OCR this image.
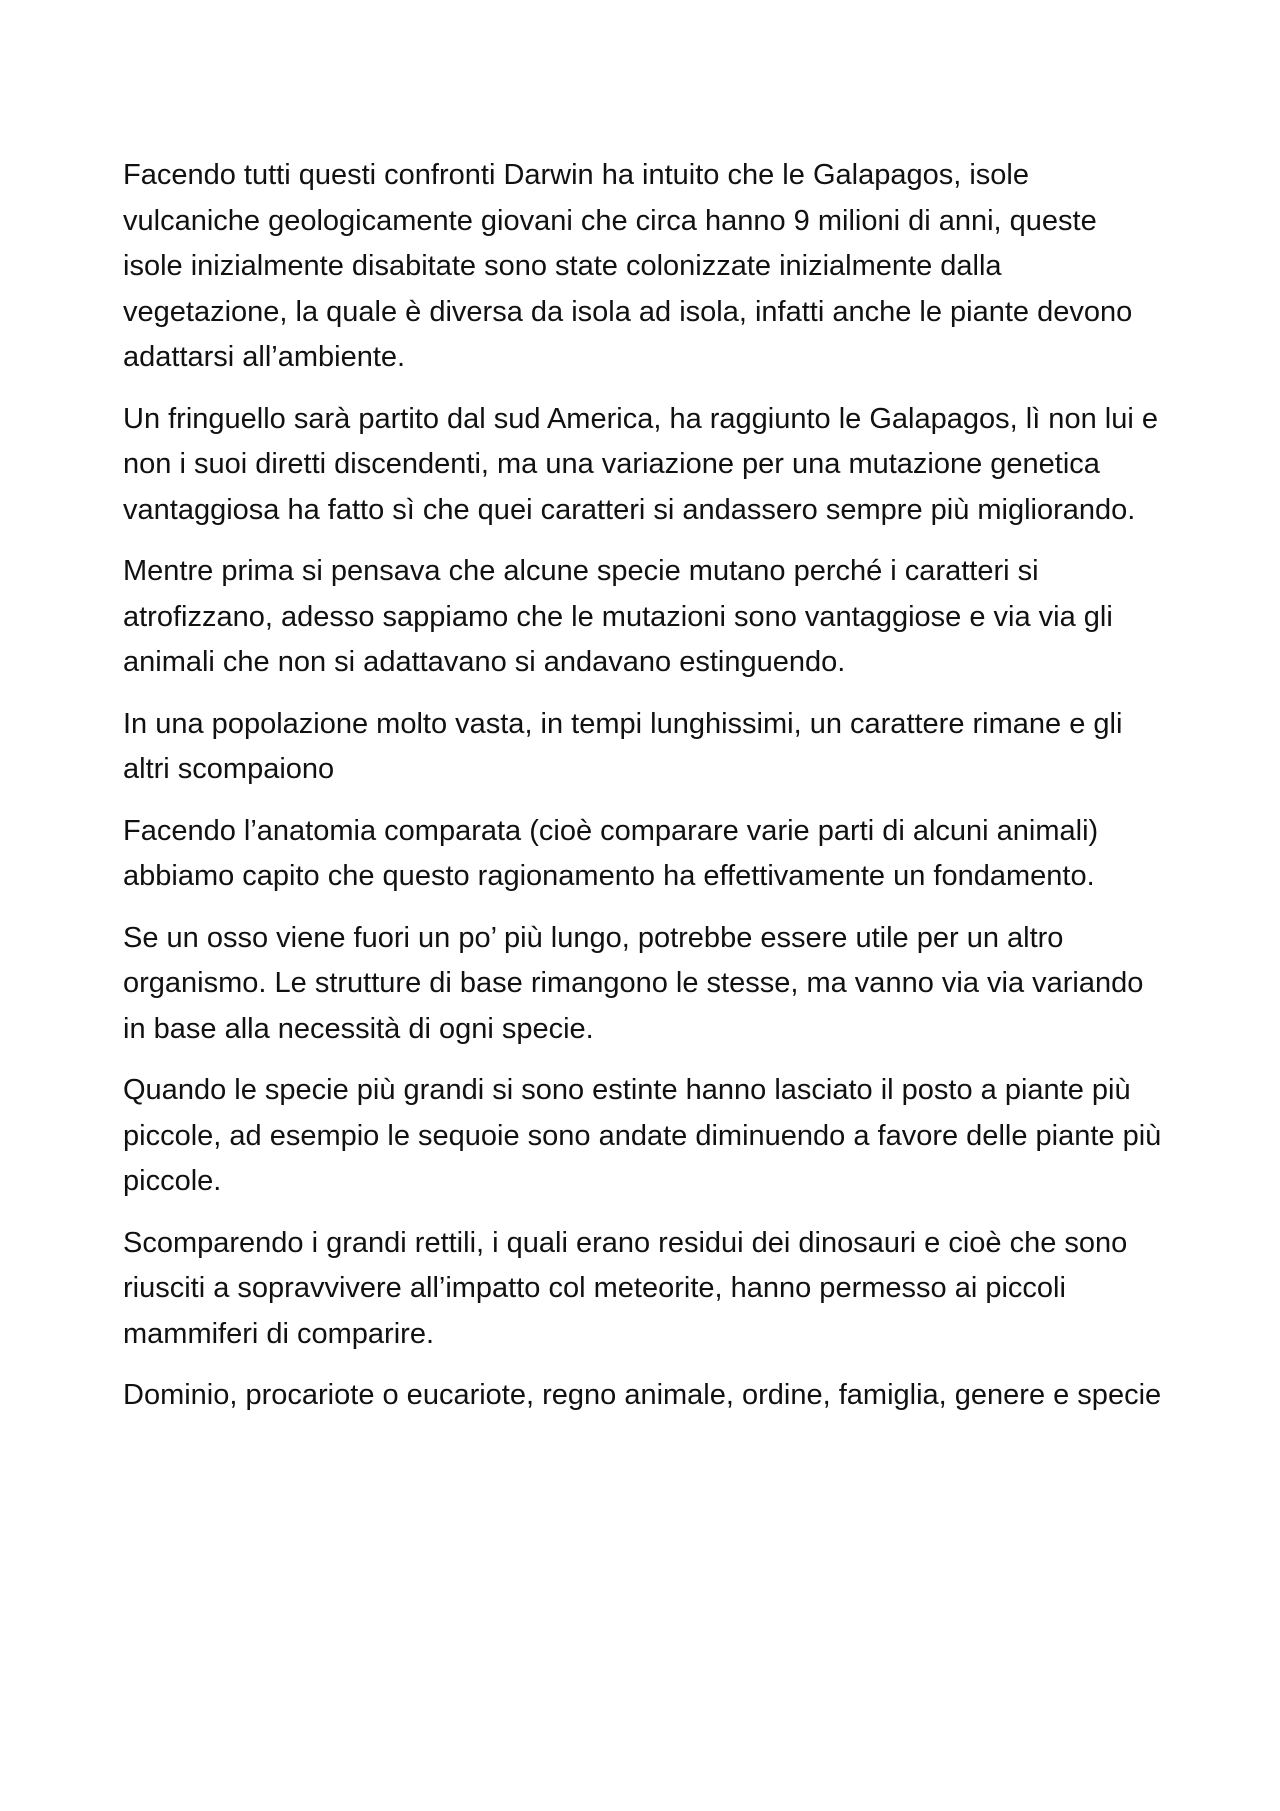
Facendo tutti questi confronti Darwin ha intuito che le Galapagos, isole vulcaniche geologicamente giovani che circa hanno 9 milioni di anni, queste isole inizialmente disabitate sono state colonizzate inizialmente dalla vegetazione, la quale è diversa da isola ad isola, infatti anche le piante devono adattarsi all’ambiente.

Un fringuello sarà partito dal sud America, ha raggiunto le Galapagos, lì non lui e non i suoi diretti discendenti, ma una variazione per una mutazione genetica vantaggiosa ha fatto sì che quei caratteri si andassero sempre più migliorando.

Mentre prima si pensava che alcune specie mutano perché i caratteri si atrofizzano, adesso sappiamo che le mutazioni sono vantaggiose e via via gli animali che non si adattavano si andavano estinguendo.

In una popolazione molto vasta, in tempi lunghissimi, un carattere rimane e gli altri scompaiono

Facendo l’anatomia comparata (cioè comparare varie parti di alcuni animali) abbiamo capito che questo ragionamento ha effettivamente un fondamento.

Se un osso viene fuori un po’ più lungo, potrebbe essere utile per un altro organismo. Le strutture di base rimangono le stesse, ma vanno via via variando in base alla necessità di ogni specie.

Quando le specie più grandi si sono estinte hanno lasciato il posto a piante più piccole, ad esempio le sequoie sono andate diminuendo a favore delle piante più piccole.

Scomparendo i grandi rettili, i quali erano residui dei dinosauri e cioè che sono riusciti a sopravvivere all’impatto col meteorite, hanno permesso ai piccoli mammiferi di comparire.

Dominio, procariote o eucariote, regno animale, ordine, famiglia, genere e specie
